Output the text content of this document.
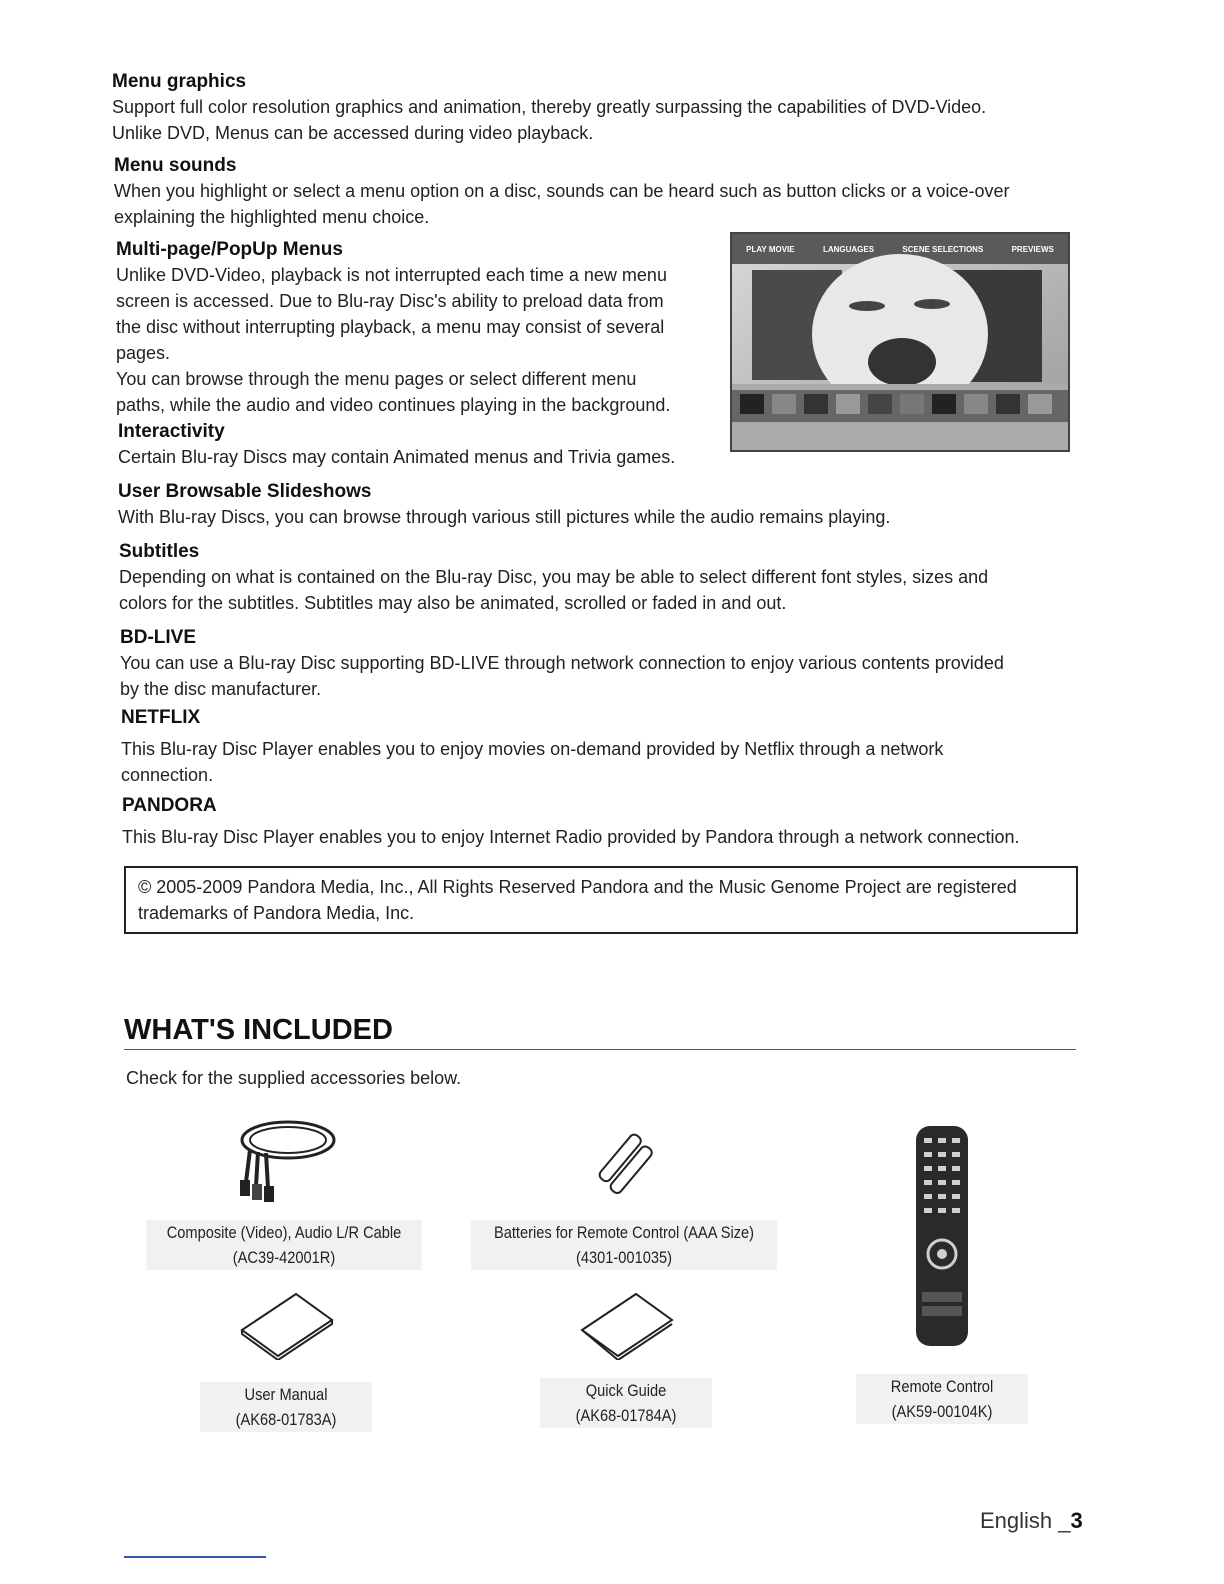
Menu graphics
Support full color resolution graphics and animation, thereby greatly surpassing the capabilities of DVD-Video.
Unlike DVD, Menus can be accessed during video playback.
Menu sounds
When you highlight or select a menu option on a disc, sounds can be heard such as button clicks or a voice-over
explaining the highlighted menu choice.
Multi-page/PopUp Menus
Unlike DVD-Video, playback is not interrupted each time a new menu
screen is accessed. Due to Blu-ray Disc's ability to preload data from
the disc without interrupting playback, a menu may consist of several
pages.
You can browse through the menu pages or select different menu
paths, while the audio and video continues playing in the background.
Interactivity
Certain Blu-ray Discs may contain Animated menus and Trivia games.
PLAY MOVIE	LANGUAGES	SCENE SELECTIONS	PREVIEWS
User Browsable Slideshows
With Blu-ray Discs, you can browse through various still pictures while the audio remains playing.
Subtitles
Depending on what is contained on the Blu-ray Disc, you may be able to select different font styles, sizes and
colors for the subtitles. Subtitles may also be animated, scrolled or faded in and out.
BD-LIVE
You can use a Blu-ray Disc supporting BD-LIVE through network connection to enjoy various contents provided
by the disc manufacturer.
NETFLIX
This Blu-ray Disc Player enables you to enjoy movies on-demand provided by Netflix through a network
connection.
PANDORA
This Blu-ray Disc Player enables you to enjoy Internet Radio provided by Pandora through a network connection.
© 2005-2009 Pandora Media, Inc., All Rights Reserved Pandora and the Music Genome Project are registered
trademarks of Pandora Media, Inc.
WHAT'S INCLUDED
Check for the supplied accessories below.
Composite (Video), Audio L/R Cable
(AC39-42001R)
Batteries for Remote Control (AAA Size)
(4301-001035)
User Manual
(AK68-01783A)
Quick Guide
(AK68-01784A)
Remote Control
(AK59-00104K)
English _3
